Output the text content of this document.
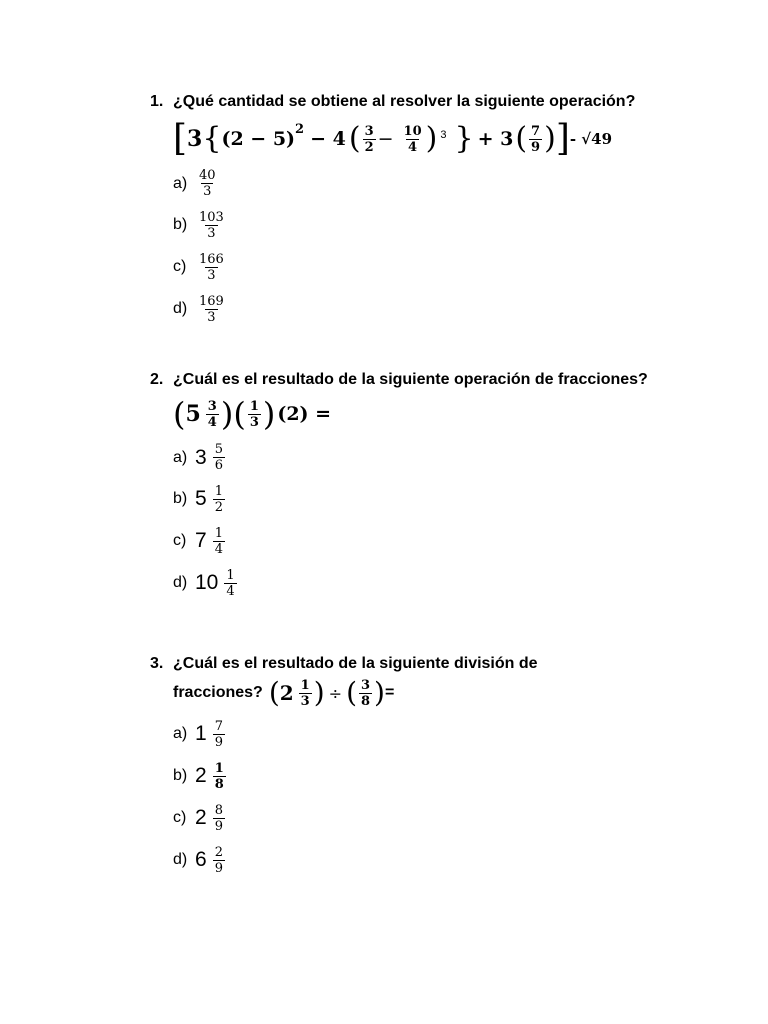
1. ¿Qué cantidad se obtiene al resolver la siguiente operación?
[ 3 { (2 − 5) 2 − 4 ( $\frac{3}{2} - \frac{10}{4}$ ) 3 } + 3 ( $\frac{7}{9}$ ) ] - √49
$a) \frac{40}{3}$
$b) \frac{103}{3}$
$c) \frac{166}{3}$
$d) \frac{169}{3}$
2. ¿Cuál es el resultado de la siguiente operación de fracciones?
( $5 \frac{3}{4}$ ) ( $\frac{1}{3}$ ) (2) =
a) $3 \frac{5}{6}$
b) $5 \frac{1}{2}$
c) $7 \frac{1}{4}$
d) $10 \frac{1}{4}$
3. ¿Cuál es el resultado de la siguiente división de
fracciones? ( $2 \frac{1}{3}$ ) ÷ ( $\frac{3}{8}$ ) =
a) $1 \frac{7}{9}$
b) $2 \frac{1}{8}$
c) $2 \frac{8}{9}$
d) $6 \frac{2}{9}$
